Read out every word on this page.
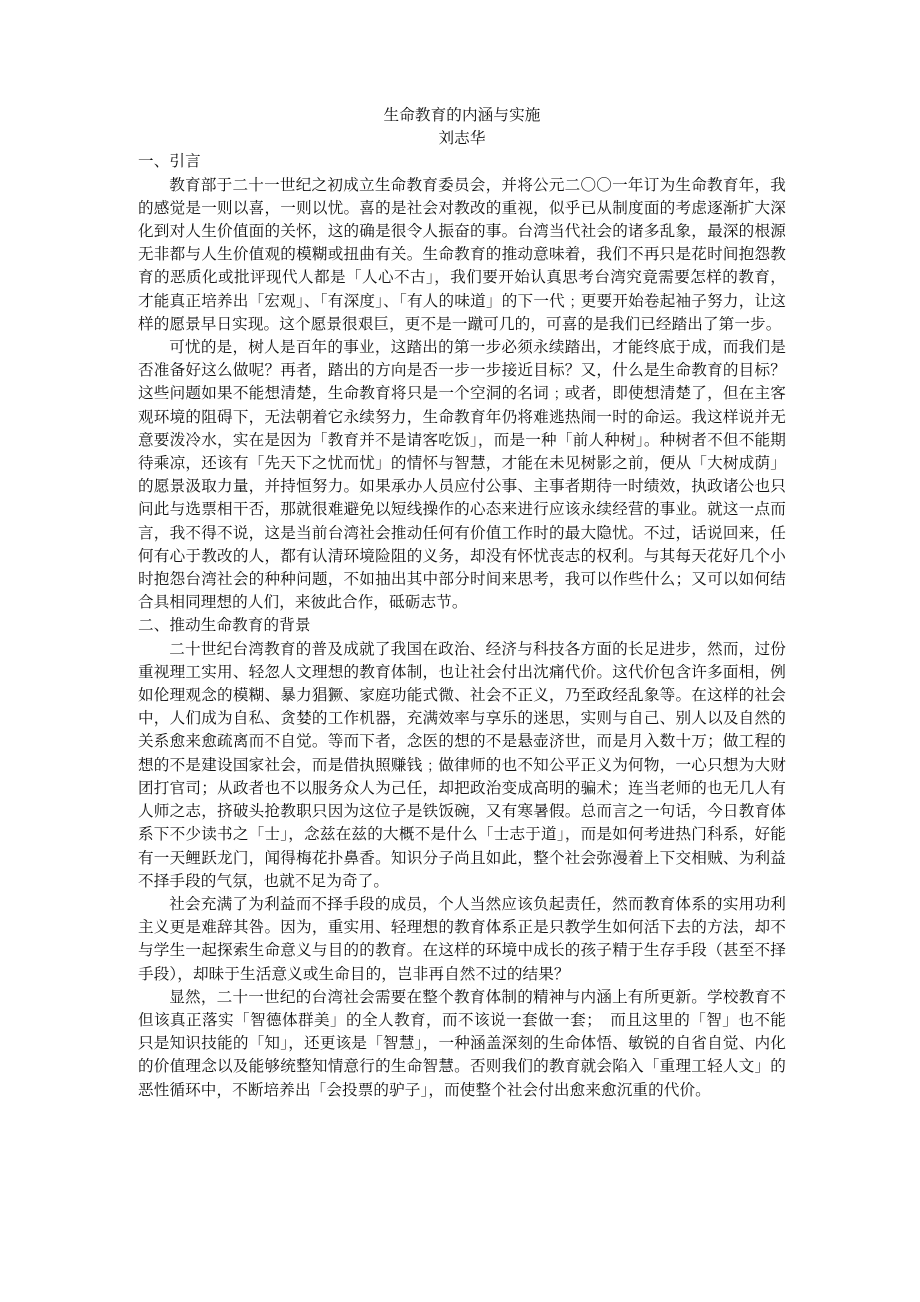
生命教育的内涵与实施

刘志华

一、引言

教育部于二十一世纪之初成立生命教育委员会，并将公元二〇〇一年订为生命教育年，我的感觉是一则以喜，一则以忧。喜的是社会对教改的重视，似乎已从制度面的考虑逐渐扩大深化到对人生价值面的关怀，这的确是很令人振奋的事。台湾当代社会的诸多乱象，最深的根源无非都与人生价值观的模糊或扭曲有关。生命教育的推动意味着，我们不再只是花时间抱怨教育的恶质化或批评现代人都是「人心不古」，我们要开始认真思考台湾究竟需要怎样的教育，才能真正培养出「宏观」、「有深度」、「有人的味道」的下一代﹔更要开始卷起袖子努力，让这样的愿景早日实现。这个愿景很艰巨，更不是一蹴可几的，可喜的是我们已经踏出了第一步。

可忧的是，树人是百年的事业，这踏出的第一步必须永续踏出，才能终底于成，而我们是否准备好这么做呢？再者，踏出的方向是否一步一步接近目标？又，什么是生命教育的目标？这些问题如果不能想清楚，生命教育将只是一个空洞的名词﹔或者，即使想清楚了，但在主客观环境的阻碍下，无法朝着它永续努力，生命教育年仍将难逃热闹一时的命运。我这样说并无意要泼冷水，实在是因为「教育并不是请客吃饭」，而是一种「前人种树」。种树者不但不能期待乘凉，还该有「先天下之忧而忧」的情怀与智慧，才能在未见树影之前，便从「大树成荫」的愿景汲取力量，并持恒努力。如果承办人员应付公事、主事者期待一时绩效，执政诸公也只问此与选票相干否，那就很难避免以短线操作的心态来进行应该永续经营的事业。就这一点而言，我不得不说，这是当前台湾社会推动任何有价值工作时的最大隐忧。不过，话说回来，任何有心于教改的人，都有认清环境险阻的义务，却没有怀忧丧志的权利。与其每天花好几个小时抱怨台湾社会的种种问题，不如抽出其中部分时间来思考，我可以作些什么；又可以如何结合具相同理想的人们，来彼此合作，砥砺志节。

二、推动生命教育的背景

二十世纪台湾教育的普及成就了我国在政治、经济与科技各方面的长足进步，然而，过份重视理工实用、轻忽人文理想的教育体制，也让社会付出沈痛代价。这代价包含许多面相，例如伦理观念的模糊、暴力猖獗、家庭功能式微、社会不正义，乃至政经乱象等。在这样的社会中，人们成为自私、贪婪的工作机器，充满效率与享乐的迷思，实则与自己、别人以及自然的关系愈来愈疏离而不自觉。等而下者，念医的想的不是悬壶济世，而是月入数十万；做工程的想的不是建设国家社会，而是借执照赚钱﹔做律师的也不知公平正义为何物，一心只想为大财团打官司；从政者也不以服务众人为己任，却把政治变成高明的骗术；连当老师的也无几人有人师之志，挤破头抢教职只因为这位子是铁饭碗，又有寒暑假。总而言之一句话，今日教育体系下不少读书之「士」，念兹在兹的大概不是什么「士志于道」，而是如何考进热门科系，好能有一天鲤跃龙门，闻得梅花扑鼻香。知识分子尚且如此，整个社会弥漫着上下交相贼、为利益不择手段的气氛，也就不足为奇了。

社会充满了为利益而不择手段的成员，个人当然应该负起责任，然而教育体系的实用功利主义更是难辞其咎。因为，重实用、轻理想的教育体系正是只教学生如何活下去的方法，却不与学生一起探索生命意义与目的的教育。在这样的环境中成长的孩子精于生存手段（甚至不择手段），却昧于生活意义或生命目的，岂非再自然不过的结果？

显然，二十一世纪的台湾社会需要在整个教育体制的精神与内涵上有所更新。学校教育不但该真正落实「智德体群美」的全人教育，而不该说一套做一套；　而且这里的「智」也不能只是知识技能的「知」，还更该是「智慧」，一种涵盖深刻的生命体悟、敏锐的自省自觉、内化的价值理念以及能够统整知情意行的生命智慧。否则我们的教育就会陷入「重理工轻人文」的恶性循环中，不断培养出「会投票的驴子」，而使整个社会付出愈来愈沉重的代价。
